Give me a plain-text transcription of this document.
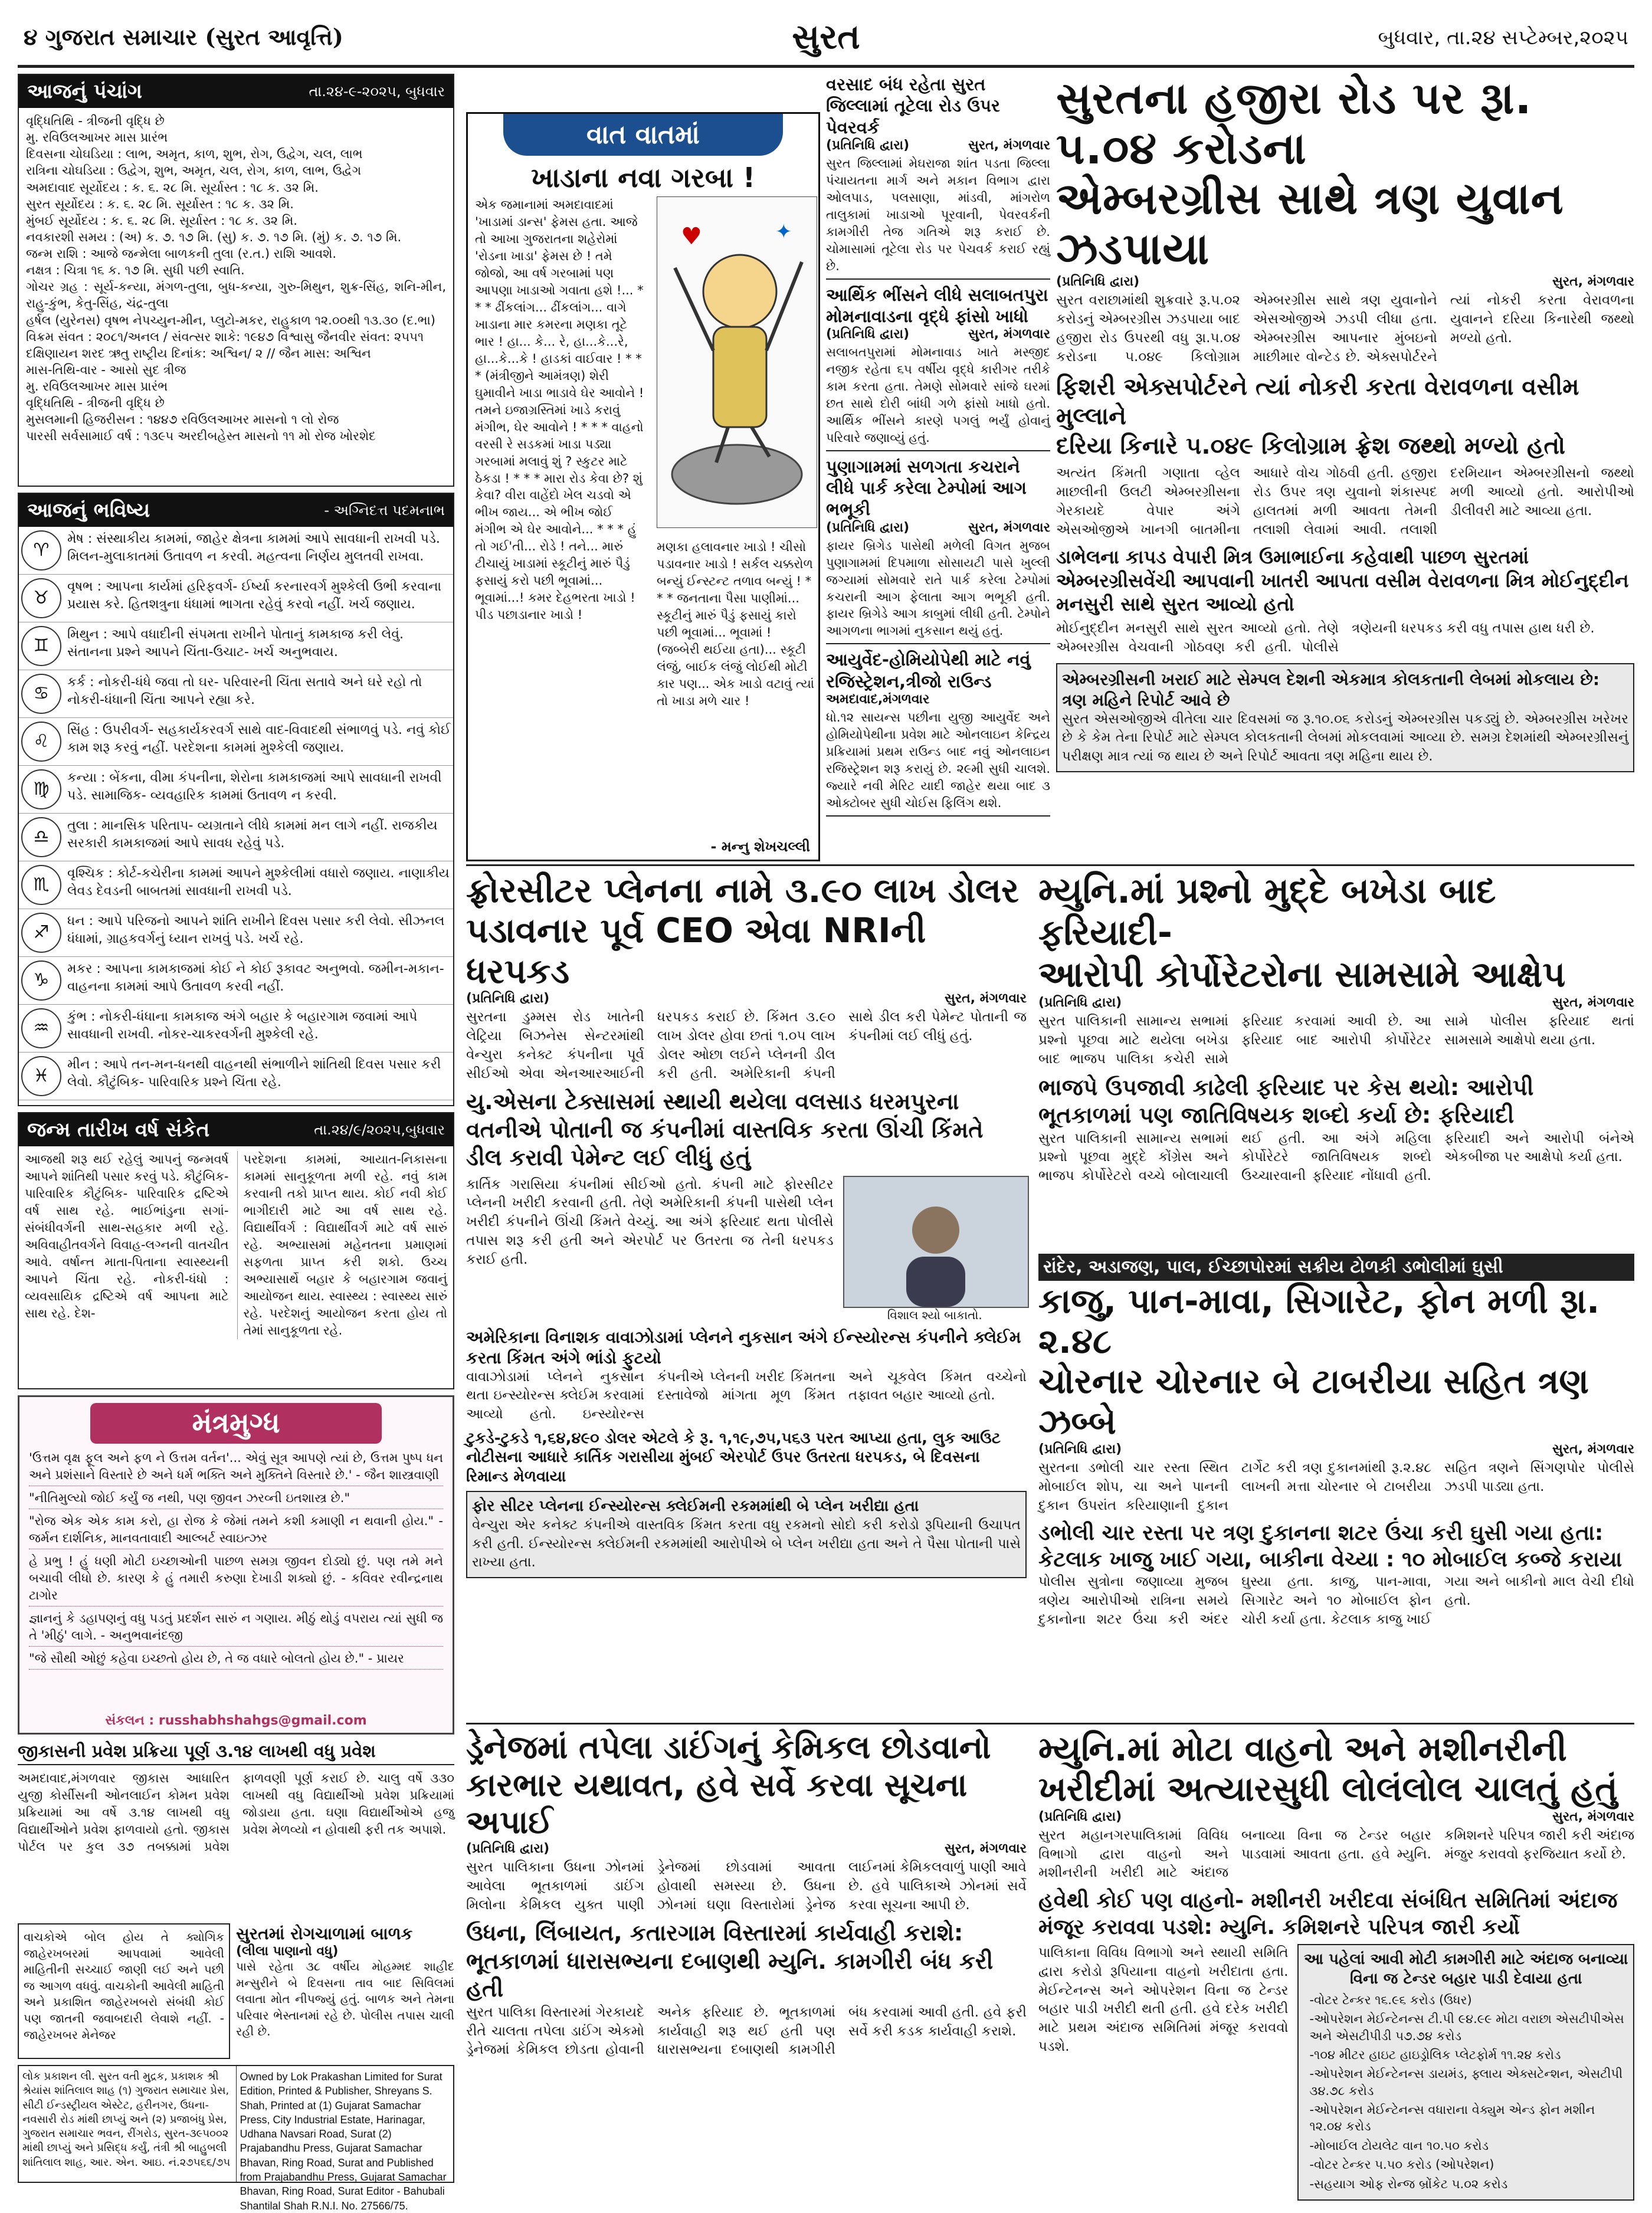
૪ ગુજરાત સમાચાર (સુરત આવૃત્તિ)	સુરત	બુધવાર, તા.૨૪ સપ્ટેમ્બર,૨૦૨૫
આજનું પંચાંગ	તા.૨૪-૯-૨૦૨૫, બુધવાર
વૃદ્ધિતિથિ - ત્રીજની વૃદ્ધિ છે
મુ. રવિઉલઆખર માસ પ્રારંભ
દિવસના ચોઘડિયા : લાભ, અમૃત, કાળ, શુભ, રોગ, ઉદ્વેગ, ચલ, લાભ
રાત્રિના ચોઘડિયા : ઉદ્વેગ, શુભ, અમૃત, ચલ, રોગ, કાળ, લાભ, ઉદ્વેગ
અમદાવાદ સૂર્યોદય : ક. ૬. ૨૮ મિ. સૂર્યાસ્ત : ૧૮ ક. ૩૨ મિ.
સુરત સૂર્યોદય : ક. ૬. ૨૮ મિ. સૂર્યાસ્ત : ૧૮ ક. ૩૨ મિ.
મુંબઈ સૂર્યોદય : ક. ૬. ૨૮ મિ. સૂર્યાસ્ત : ૧૮ ક. ૩૨ મિ.
નવકારશી સમય : (અ) ક. ૭. ૧૭ મિ. (સુ) ક. ૭. ૧૭ મિ. (મું) ક. ૭. ૧૭ મિ.
જન્મ રાશિ : આજે જન્મેલા બાળકની તુલા (ર.ત.) રાશિ આવશે.
નક્ષત્ર : ચિત્રા ૧૬ ક. ૧૭ મિ. સુધી પછી સ્વાતિ.
ગોચર ગ્રહ : સૂર્ય-કન્યા, મંગળ-તુલા, બુધ-કન્યા, ગુરુ-મિથુન, શુક્ર-સિંહ, શનિ-મીન, રાહુ-કુંભ, કેતુ-સિંહ, ચંદ્ર-તુલા
હર્ષલ (યુરેનસ) વૃષભ નેપચ્યુન-મીન, પ્લુટો-મકર, રાહુકાળ ૧૨.૦૦થી ૧૩.૩૦ (દ.ભા)
વિક્રમ સંવત : ૨૦૮૧/અનલ / સંવત્સર શાકે: ૧૯૪૭ વિશ્વાસુ જૈનવીર સંવત: ૨૫૫૧
દક્ષિણાયન શરદ ઋતુ રાષ્ટ્રીય દિનાંક: અશ્વિન/ ૨ // જૈન માસ: અશ્વિન
માસ-તિથિ-વાર - આસો સુદ ત્રીજ
મુ. રવિઉલઆખર માસ પ્રારંભ
વૃદ્ધિતિથિ - ત્રીજની વૃદ્ધિ છે
મુસલમાની હિજરીસન : ૧૪૪૭ રવિઉલઆખર માસનો ૧ લો રોજ
પારસી સર્વસામાઈ વર્ષ : ૧૩૯૫ અરદીબહેસ્ત માસનો ૧૧ મો રોજ ખોરશેદ
આજનું ભવિષ્ય	- અગ્નિદત્ત પદમનાભ
♈
મેષ : સંસ્થાકીય કામમાં, જાહેર ક્ષેત્રના કામમાં આપે સાવધાની રાખવી પડે. મિલન-મુલાકાતમાં ઉતાવળ ન કરવી. મહત્વના નિર્ણય મુલતવી રાખવા.
♉
વૃષભ : આપના કાર્યમાં હરિફવર્ગ- ઈર્ષ્યા કરનારવર્ગ મુશ્કેલી ઉભી કરવાના પ્રયાસ કરે. હિતશત્રુના ધંધામાં ભાગતા રહેવું કરવો નહીં. ખર્ચ જણાય.
♊
મિથુન : આપે વધાદીની સંપમતા રાખીને પોતાનું કામકાજ કરી લેવું. સંતાનના પ્રશ્ને આપને ચિંતા-ઉચાટ- ખર્ચ અનુભવાય.
♋
કર્ક : નોકરી-ધંધે જવા તો ઘર- પરિવારની ચિંતા સતાવે અને ઘરે રહો તો નોકરી-ધંધાની ચિંતા આપને રહ્યા કરે.
♌
સિંહ : ઉપરીવર્ગ- સહકાર્યકરવર્ગ સાથે વાદ-વિવાદથી સંભાળવું પડે. નવું કોઈ કામ શરૂ કરવું નહીં. પરદેશના કામમાં મુશ્કેલી જણાય.
♍
કન્યા : બેંકના, વીમા કંપનીના, શેરોના કામકાજમાં આપે સાવધાની રાખવી પડે. સામાજિક- વ્યવહારિક કામમાં ઉતાવળ ન કરવી.
♎
તુલા : માનસિક પરિતાપ- વ્યગ્રતાને લીધે કામમાં મન લાગે નહીં. રાજકીય સરકારી કામકાજમાં આપે સાવધ રહેવું પડે.
♏
વૃશ્ચિક : કોર્ટ-કચેરીના કામમાં આપને મુશ્કેલીમાં વધારો જણાય. નાણાકીય લેવડ દેવડની બાબતમાં સાવધાની રાખવી પડે.
♐
ધન : આપે પરિજનો આપને શાંતિ રાખીને દિવસ પસાર કરી લેવો. સીઝનલ ધંધામાં, ગ્રાહકવર્ગનું ધ્યાન રાખવું પડે. ખર્ચ રહે.
♑
મકર : આપના કામકાજમાં કોઈ ને કોઈ રૂકાવટ અનુભવો. જમીન-મકાન- વાહનના કામમાં આપે ઉતાવળ કરવી નહીં.
♒
કુંભ : નોકરી-ધંધાના કામકાજ અંગે બહાર કે બહારગામ જવામાં આપે સાવધાની રાખવી. નોકર-ચાકરવર્ગની મુશ્કેલી રહે.
♓
મીન : આપે તન-મન-ધનથી વાહનથી સંભાળીને શાંતિથી દિવસ પસાર કરી લેવો. કૌટુંબિક- પારિવારિક પ્રશ્ને ચિંતા રહે.
જન્મ તારીખ વર્ષ સંકેત	તા.૨૪/૯/૨૦૨૫,બુધવાર
આજથી શરૂ થઈ રહેલું આપનું જન્મવર્ષ આપને શાંતિથી પસાર કરવું પડે. કૌટુંબિક-પારિવારિક કૌટુંબિક- પારિવારિક દ્રષ્ટિએ વર્ષ સાથ રહે. ભાઈભાંડુના સગાં-સંબંધીવર્ગની સાથ-સહકાર મળી રહે. અવિવાહીતવર્ગને વિવાહ-લગ્નની વાતચીત આવે. વર્ષાન્ત માતા-પિતાના સ્વાસ્થ્યની આપને ચિંતા રહે. નોકરી-ધંધો : વ્યવસાયિક દ્રષ્ટિએ વર્ષ આપના માટે સાથ રહે. દેશ-
પરદેશના કામમાં, આયાત-નિકાસના કામમાં સાનુકૂળતા મળી રહે. નવું કામ કરવાની તકો પ્રાપ્ત થાય. કોઈ નવી કોઈ ભાગીદારી માટે આ વર્ષ સાથ રહે. વિદ્યાર્થીવર્ગ : વિદ્યાર્થીવર્ગ માટે વર્ષ સારું રહે. અભ્યાસમાં મહેનતના પ્રમાણમાં સફળતા પ્રાપ્ત કરી શકો. ઉચ્ચ અભ્યાસાર્થે બહાર કે બહારગામ જવાનું આયોજન થાય. સ્વાસ્થ્ય : સ્વાસ્થ્ય સારું રહે. પરદેશનું આયોજન કરતા હોય તો તેમાં સાનુકૂળતા રહે.
મંત્રમુગ્ધ

'ઉત્તમ વૃક્ષ ફૂલ અને ફળ ને ઉત્તમ વર્તન'... એવું સૂત્ર આપણે ત્યાં છે, ઉત્તમ પુષ્પ ધન અને પ્રશંસાને વિસ્તારે છે અને ધર્મ ભક્તિ અને મુક્તિને વિસ્તારે છે.' - જૈન શાસ્ત્રવાણી

"નીતિમુલ્યો જોઈ કર્યું જ નથી, પણ જીવન ઝરવ્ની ઇતશાસ્ત્ર છે."

"રોજ એક એક કામ કરો, હા રોજ કે જેમાં તમને કશી કમાણી ન થવાની હોય." - જર્મન દાર્શનિક, માનવતાવાદી આલ્બર્ટ સ્વાઇત્ઝર

હે પ્રભુ ! હું ધણી મોટી ઇચ્છાઓની પાછળ સમગ્ર જીવન દોડ્યો છું. પણ તમે મને બચાવી લીધો છે. કારણ કે હું તમારી કરુણા દેખાડી શક્યો છું. - કવિવર રવીન્દ્રનાથ ટાગોર

જ્ઞાનનું કે ડહાપણનું વધુ પડતું પ્રદર્શન સારું ન ગણાય. મીઠું થોડું વપરાય ત્યાં સુધી જ તે 'મીઠું' લાગે. - અનુભવાનંદજી

"જે સૌથી ઓછું કહેવા ઇચ્છતો હોય છે, તે જ વધારે બોલતો હોય છે." - પ્રાયર

સંકલન : russhabhshahgs@gmail.com
જીકાસની પ્રવેશ પ્રક્રિયા પૂર્ણ ૩.૧૪ લાખથી વધુ પ્રવેશ
અમદાવાદ,મંગળવાર જીકાસ આધારિત યુજી કોર્સીસની ઓનલાઈન કોમન પ્રવેશ પ્રક્રિયામાં આ વર્ષે ૩.૧૪ લાખથી વધુ વિદ્યાર્થીઓને પ્રવેશ ફાળવાયો હતો. જીકાસ પોર્ટલ પર કુલ ૩૭ તબક્કામાં પ્રવેશ ફાળવણી પૂર્ણ કરાઈ છે. ચાલુ વર્ષે ૩૩૦ લાખથી વધુ વિદ્યાર્થીઓ પ્રવેશ પ્રક્રિયામાં જોડાયા હતા. ઘણા વિદ્યાર્થીઓએ હજુ પ્રવેશ મેળવ્યો ન હોવાથી ફરી તક અપાશે.
વાચકોએ બોલ હોય તે ક્યોગિક જાહેરખબરમાં આપવામાં આવેલી માહિતીની સચ્ચાઈ જાણી લઈ અને પછી જ આગળ વધવું. વાચકોની આવેલી માહિતી અને પ્રકાશિત જાહેરખબરો સંબંધી કોઈ પણ જાતની જવાબદારી લેવાશે નહીં. - જાહેરખબર મેનેજર
સુરતમાં રોગચાળામાં બાળક
(લીલા પાણાનો વધુ)
પાસે રહેતા ૩૮ વર્ષીય મોહમ્મદ શાહીદ મન્સુરીને બે દિવસના તાવ બાદ સિવિલમાં લવાતા મોત નીપજ્યું હતું. બાળક અને તેમના પરિવાર ભેસ્તાનમાં રહે છે. પોલીસ તપાસ ચાલી રહી છે.
લોક પ્રકાશન લી. સુરત વતી મુદ્રક, પ્રકાશક શ્રી શ્રેયાંસ શાંતિલાલ શાહ (૧) ગુજરાત સમાચાર પ્રેસ, સીટી ઈન્ડસ્ટ્રીયલ એસ્ટેટ, હરીનગર, ઉધના-નવસારી રોડ માંથી છાપ્યું અને (૨) પ્રજાબંધુ પ્રેસ, ગુજરાત સમાચાર ભવન, રીંગરોડ, સુરત-૩૯૫૦૦૨ માંથી છાપ્યું અને પ્રસિદ્ધ કર્યું, તંત્રી શ્રી બાહુબલી શાંતિલાલ શાહ, આર. એન. આઇ. નં.૨૭૫૬૬/૭૫
Owned by Lok Prakashan Limited for Surat Edition, Printed & Publisher, Shreyans S. Shah, Printed at (1) Gujarat Samachar Press, City Industrial Estate, Harinagar, Udhana Navsari Road, Surat (2) Prajabandhu Press, Gujarat Samachar Bhavan, Ring Road, Surat and Published from Prajabandhu Press, Gujarat Samachar Bhavan, Ring Road, Surat Editor - Bahubali Shantilal Shah R.N.I. No. 27566/75.
વાત વાતમાં
ખાડાના નવા ગરબા !
એક જમાનામાં અમદાવાદમાં 'ખાડામાં ડાન્સ' ફેમસ હતા. આજે તો આખા ગુજરાતના શહેરોમાં 'રોડના ખાડા' ફેમસ છે ! તમે જોજો, આ વર્ષ ગરબામાં પણ આપણા ખાડાઓ ગવાતા હશે !... * * * ઢીંકલાંગ... ઢીંકલાંગ... વાગે ખાડાના માર કમરના મણકા તૂટે ભાર ! હા... કે... રે, હા...કે...રે, હા...કે...કે ! હાડકાં વાઈવાર ! * * * (મંત્રીજીને આમંત્રણ) શેરી ઘુમાવીને ખાડા ભાડાવે ઘેર આવોને ! તમને ઇજાગ્રસ્તિમાં ખાડે કરાવું મંગીભ, ઘેર આવોને ! * * * વાહનો વરસી રે સડકમાં ખાડા પડ્યા ગરબામાં મલાવું શું ? સ્કુટર માટે ઠેકડા ! * * * મારા રોડ કેવા છે? શું કેવા? વીરા વાહેંદો ખેલ ચડવો એ ભીખ જાય... એ ભીખ જોઈ મંગીભ એ ઘેર આવોને... * * * હું તો ગઈ'તી... રોડે ! તને... મારું ટીચાયું ખાડામાં સ્કૂટીનું મારું પૈડું ફસાયું કરો પછી ભૂવામાં... ભૂવામાં...! કમર દેહભરતા ખાડો ! પીડ પછાડાનાર ખાડો !
♥	✦
મણકા હલાવનાર ખાડો ! ચીસો પડાવનાર ખાડો ! સર્કલ ચક્કરોળ બન્યું ઈન્સ્ટન્ટ તળાવ બન્યું ! * * * જનતાના પૈસા પાણીમાં... સ્કૂટીનું મારું પૈડું ફસાયું કારો પછી ભૂવામાં... ભૂવામાં ! (જબ્બેરી થઈયા હતા)... સ્કૂટી લંજું, બાઈક લંજું લોઈથી મોટી કાર પણ... એક ખાડો વટાવું ત્યાં તો ખાડા મળે ચાર !
- મન્નુ શેખચલ્લી
વરસાદ બંધ રહેતા સુરત જિલ્લામાં તૂટેલા રોડ ઉપર પેવરવર્ક
(પ્રતિનિધિ દ્વારા)	સુરત, મંગળવાર
સુરત જિલ્લામાં મેઘરાજા શાંત પડતા જિલ્લા પંચાયતના માર્ગ અને મકાન વિભાગ દ્વારા ઓલપાડ, પલસાણા, માંડવી, માંગરોળ તાલુકામાં ખાડાઓ પૂરવાની, પેવરવર્કની કામગીરી તેજ ગતિએ શરૂ કરાઈ છે. ચોમાસામાં તૂટેલા રોડ પર પેચવર્ક કરાઈ રહ્યું છે.
આર્થિક ભીંસને લીધે સલાબતપુરા મોમનાવાડના વૃદ્ધે ફાંસો ખાધો
(પ્રતિનિધિ દ્વારા)	સુરત, મંગળવાર
સલાબતપુરામાં મોમનાવાડ ખાતે મસ્જીદ નજીક રહેતા ૬૫ વર્ષીય વૃદ્ધે કારીગર તરીકે કામ કરતા હતા. તેમણે સોમવારે સાંજે ઘરમાં છત સાથે દોરી બાંધી ગળે ફાંસો ખાધો હતો. આર્થિક ભીંસને કારણે પગલું ભર્યું હોવાનું પરિવારે જણાવ્યું હતું.
પુણાગામમાં સળગતા કચરાને લીધે પાર્ક કરેલા ટેમ્પોમાં આગ ભભૂકી
(પ્રતિનિધિ દ્વારા)	સુરત, મંગળવાર
ફાયર બ્રિગેડ પાસેથી મળેલી વિગત મુજબ પુણાગામમાં દિપમાળા સોસાયટી પાસે ખુલ્લી જગ્યામાં સોમવારે રાતે પાર્ક કરેલા ટેમ્પોમાં કચરાની આગ ફેલાતા આગ ભભૂકી હતી. ફાયર બ્રિગેડે આગ કાબુમાં લીધી હતી. ટેમ્પોને આગળના ભાગમાં નુકસાન થયું હતું.
આયુર્વેદ-હોમિયોપેથી માટે નવું રજિસ્ટ્રેશન,ત્રીજો રાઉન્ડ
અમદાવાદ,મંગળવાર
ધો.૧૨ સાયન્સ પછીના યુજી આયુર્વેદ અને હોમિયોપેથીના પ્રવેશ માટે ઓનલાઇન કેન્દ્રિય પ્રક્રિયામાં પ્રથમ રાઉન્ડ બાદ નવું ઓનલાઇન રજિસ્ટ્રેશન શરૂ કરાયું છે. ૨૯મી સુધી ચાલશે. જ્યારે નવી મેરિટ યાદી જાહેર થયા બાદ ૩ ઓક્ટોબર સુધી ચોઈસ ફિલિંગ થશે.
સુરતના હજીરા રોડ પર રૂા. ૫.૦૪ કરોડના
એમ્બરગ્રીસ સાથે ત્રણ યુવાન ઝડપાયા
(પ્રતિનિધિ દ્વારા)	સુરત, મંગળવાર
સુરત વરાછામાંથી શુક્રવારે રૂ.૫.૦૨ કરોડનું એમ્બરગ્રીસ ઝડપાયા બાદ હજીરા રોડ ઉપરથી વધુ રૂા.૫.૦૪ કરોડના ૫.૦૪૯ કિલોગ્રામ એમ્બરગ્રીસ સાથે ત્રણ યુવાનોને એસઓજીએ ઝડપી લીધા હતા. એમ્બરગ્રીસ આપનાર મુંબઇનો માછીમાર વોન્ટેડ છે. એક્સપોર્ટરને ત્યાં નોકરી કરતા વેરાવળના યુવાનને દરિયા કિનારેથી જથ્થો મળ્યો હતો.
ફિશરી એક્સપોર્ટરને ત્યાં નોકરી કરતા વેરાવળના વસીમ મુલ્લાને
દરિયા કિનારે ૫.૦૪૯ કિલોગ્રામ ફ્રેશ જથ્થો મળ્યો હતો
અત્યંત કિંમતી ગણાતા વ્હેલ માછલીની ઉલટી એમ્બરગ્રીસના ગેરકાયદે વેપાર અંગે એસઓજીએ ખાનગી બાતમીના આધારે વોચ ગોઠવી હતી. હજીરા રોડ ઉપર ત્રણ યુવાનો શંકાસ્પદ હાલતમાં મળી આવતા તેમની તલાશી લેવામાં આવી. તલાશી દરમિયાન એમ્બરગ્રીસનો જથ્થો મળી આવ્યો હતો. આરોપીઓ ડીલીવરી માટે આવ્યા હતા.
ડાભેલના કાપડ વેપારી મિત્ર ઉમાભાઈના કહેવાથી પાછળ સુરતમાં એમ્બરગ્રીસવેંચી આપવાની ખાતરી આપતા વસીમ વેરાવળના મિત્ર મોઈનુદ્દીન મનસુરી સાથે સુરત આવ્યો હતો
મોઈનુદ્દીન મનસુરી સાથે સુરત આવ્યો હતો. તેણે એમ્બરગ્રીસ વેચવાની ગોઠવણ કરી હતી. પોલીસે ત્રણેયની ધરપકડ કરી વધુ તપાસ હાથ ધરી છે.
એમ્બરગ્રીસની ખરાઈ માટે સેમ્પલ દેશની એકમાત્ર કોલકતાની લેબમાં મોકલાય છે: ત્રણ મહિને રિપોર્ટ આવે છે
સુરત એસઓજીએ વીતેલા ચાર દિવસમાં જ રૂ.૧૦.૦૬ કરોડનું એમ્બરગ્રીસ પકડ્યું છે. એમ્બરગ્રીસ ખરેખર છે કે કેમ તેના રિપોર્ટ માટે સેમ્પલ કોલકતાની લેબમાં મોકલવામાં આવ્યા છે. સમગ્ર દેશમાંથી એમ્બરગ્રીસનું પરીક્ષણ માત્ર ત્યાં જ થાય છે અને રિપોર્ટ આવતા ત્રણ મહિના થાય છે.
ફ્રોરસીટર પ્લેનના નામે ૩.૯૦ લાખ ડોલર
પડાવનાર પૂર્વ CEO એવા NRIની ધરપકડ
(પ્રતિનિધિ દ્વારા)	સુરત, મંગળવાર
સુરતના ડુમ્મસ રોડ ખાતેની લેટ્રિયા બિઝનેસ સેન્ટરમાંથી વેન્ચુરા કનેક્ટ કંપનીના પૂર્વ સીઈઓ એવા એનઆરઆઈની ધરપકડ કરાઈ છે. કિંમત ૩.૯૦ લાખ ડોલર હોવા છતાં ૧.૦૫ લાખ ડોલર ઓછા લઈને પ્લેનની ડીલ કરી હતી. અમેરિકાની કંપની સાથે ડીલ કરી પેમેન્ટ પોતાની જ કંપનીમાં લઈ લીધું હતું.
યુ.એસના ટેક્સાસમાં સ્થાયી થયેલા વલસાડ ધરમપુરના વતનીએ પોતાની જ કંપનીમાં વાસ્તવિક કરતા ઊંચી કિંમતે ડીલ કરાવી પેમેન્ટ લઈ લીધું હતું
કાર્તિક ગરાસિયા કંપનીમાં સીઈઓ હતો. કંપની માટે ફોરસીટર પ્લેનની ખરીદી કરવાની હતી. તેણે અમેરિકાની કંપની પાસેથી પ્લેન ખરીદી કંપનીને ઊંચી કિંમતે વેચ્યું. આ અંગે ફરિયાદ થતા પોલીસે તપાસ શરૂ કરી હતી અને એરપોર્ટ પર ઉતરતા જ તેની ધરપકડ કરાઈ હતી.
વિશાલ શ્યો બાકાતો.
અમેરિકાના વિનાશક વાવાઝોડામાં પ્લેનને નુકસાન અંગે ઈન્સ્યોરન્સ કંપનીને ક્લેઈમ કરતા કિંમત અંગે ભાંડો ફુટયો
વાવાઝોડામાં પ્લેનને નુકસાન થતા ઇન્સ્યોરન્સ ક્લેઈમ કરવામાં આવ્યો હતો. ઇન્સ્યોરન્સ કંપનીએ પ્લેનની ખરીદ કિંમતના દસ્તાવેજો માંગતા મૂળ કિંમત અને ચૂકવેલ કિંમત વચ્ચેનો તફાવત બહાર આવ્યો હતો.
ટુકડે-ટુકડે ૧,૬૪,૪૯૦ ડોલર એટલે કે રૂ. ૧,૧૯,૭૫,૫૬૩ પરત આપ્યા હતા, લુક આઉટ નોટીસના આધારે કાર્તિક ગરાસીયા મુંબઈ એરપોર્ટ ઉપર ઉતરતા ધરપકડ, બે દિવસના રિમાન્ડ મેળવાયા
ફોર સીટર પ્લેનના ઈન્સ્યોરન્સ ક્લેઈમની રકમમાંથી બે પ્લેન ખરીદ્યા હતા
વેન્ચુરા એર કનેક્ટ કંપનીએ વાસ્તવિક કિંમત કરતા વધુ રકમનો સોદો કરી કરોડો રૂપિયાની ઉચાપત કરી હતી. ઈન્સ્યોરન્સ ક્લેઈમની રકમમાંથી આરોપીએ બે પ્લેન ખરીદ્યા હતા અને તે પૈસા પોતાની પાસે રાખ્યા હતા.
મ્યુનિ.માં પ્રશ્નો મુદ્દે બખેડા બાદ ફરિયાદી-
આરોપી કોર્પોરેટરોના સામસામે આક્ષેપ
(પ્રતિનિધિ દ્વારા)	સુરત, મંગળવાર
સુરત પાલિકાની સામાન્ય સભામાં પ્રશ્નો પૂછવા માટે થયેલા બખેડા બાદ ભાજપ પાલિકા કચેરી સામે ફરિયાદ કરવામાં આવી છે. આ ફરિયાદ બાદ આરોપી કોર્પોરેટર સામે પોલીસ ફરિયાદ થતાં સામસામે આક્ષેપો થયા હતા.
ભાજપે ઉપજાવી કાઢેલી ફરિયાદ પર કેસ થયો: આરોપી ભૂતકાળમાં પણ જાતિવિષયક શબ્દો કર્યા છે: ફરિયાદી
સુરત પાલિકાની સામાન્ય સભામાં પ્રશ્નો પૂછવા મુદ્દે કોંગ્રેસ અને ભાજપ કોર્પોરેટરો વચ્ચે બોલાચાલી થઈ હતી. આ અંગે મહિલા કોર્પોરેટરે જાતિવિષયક શબ્દો ઉચ્ચારવાની ફરિયાદ નોંધાવી હતી. ફરિયાદી અને આરોપી બંનેએ એકબીજા પર આક્ષેપો કર્યા હતા.
રાંદેર, અડાજણ, પાલ, ઈચ્છાપોરમાં સક્રીય ટોળકી ડભોલીમાં ઘુસી
કાજુ, પાન-માવા, સિગારેટ, ફોન મળી રૂા. ૨.૪૮
ચોરનાર ચોરનાર બે ટાબરીયા સહિત ત્રણ ઝબ્બે
(પ્રતિનિધિ દ્વારા)	સુરત, મંગળવાર
સુરતના ડભોલી ચાર રસ્તા સ્થિત મોબાઈલ શોપ, ચા અને પાનની દુકાન ઉપરાંત કરિયાણાની દુકાન ટાર્ગેટ કરી ત્રણ દુકાનમાંથી રૂ.૨.૪૮ લાખની મત્તા ચોરનાર બે ટાબરીયા સહિત ત્રણને સિંગણપોર પોલીસે ઝડપી પાડ્યા હતા.
ડભોલી ચાર રસ્તા પર ત્રણ દુકાનના શટર ઉંચા કરી ઘુસી ગયા હતા: કેટલાક ખાજુ ખાઈ ગયા, બાકીના વેચ્યા : ૧૦ મોબાઈલ કબ્જે કરાયા
પોલીસ સુત્રોના જણાવ્યા મુજબ ત્રણેય આરોપીઓ રાત્રિના સમયે દુકાનોના શટર ઉંચા કરી અંદર ઘુસ્યા હતા. કાજુ, પાન-માવા, સિગારેટ અને ૧૦ મોબાઈલ ફોન ચોરી કર્યા હતા. કેટલાક કાજુ ખાઈ ગયા અને બાકીનો માલ વેચી દીધો હતો.
ડ્રેનેજમાં તપેલા ડાઈંગનું કેમિકલ છોડવાનો
કારભાર યથાવત, હવે સર્વે કરવા સૂચના અપાઈ
(પ્રતિનિધિ દ્વારા)	સુરત, મંગળવાર
સુરત પાલિકાના ઉધના ઝોનમાં આવેલા ભૂતકાળમાં ડાઈંગ મિલોના કેમિકલ યુક્ત પાણી ડ્રેનેજમાં છોડવામાં આવતા હોવાથી સમસ્યા છે. ઉધના ઝોનમાં ઘણા વિસ્તારોમાં ડ્રેનેજ લાઈનમાં કેમિકલવાળું પાણી આવે છે. હવે પાલિકાએ ઝોનમાં સર્વે કરવા સૂચના આપી છે.
ઉધના, લિંબાયત, કતારગામ વિસ્તારમાં કાર્યવાહી કરાશે: ભૂતકાળમાં ધારાસભ્યના દબાણથી મ્યુનિ. કામગીરી બંધ કરી હતી
સુરત પાલિકા વિસ્તારમાં ગેરકાયદે રીતે ચાલતા તપેલા ડાઈંગ એકમો ડ્રેનેજમાં કેમિકલ છોડતા હોવાની અનેક ફરિયાદ છે. ભૂતકાળમાં કાર્યવાહી શરૂ થઈ હતી પણ ધારાસભ્યના દબાણથી કામગીરી બંધ કરવામાં આવી હતી. હવે ફરી સર્વે કરી કડક કાર્યવાહી કરાશે.
મ્યુનિ.માં મોટા વાહનો અને મશીનરીની
ખરીદીમાં અત્યારસુધી લોલંલોલ ચાલતું હતું
(પ્રતિનિધિ દ્વારા)	સુરત, મંગળવાર
સુરત મહાનગરપાલિકામાં વિવિધ વિભાગો દ્વારા વાહનો અને મશીનરીની ખરીદી માટે અંદાજ બનાવ્યા વિના જ ટેન્ડર બહાર પાડવામાં આવતા હતા. હવે મ્યુનિ. કમિશનરે પરિપત્ર જારી કરી અંદાજ મંજુર કરાવવો ફરજિયાત કર્યો છે.
હવેથી કોઈ પણ વાહનો- મશીનરી ખરીદવા સંબંધિત સમિતિમાં અંદાજ મંજૂર કરાવવા પડશે: મ્યુનિ. કમિશનરે પરિપત્ર જારી કર્યો
પાલિકાના વિવિધ વિભાગો અને સ્થાયી સમિતિ દ્વારા કરોડો રૂપિયાના વાહનો ખરીદાતા હતા. મેઈન્ટેનન્સ અને ઓપરેશન વિના જ ટેન્ડર બહાર પાડી ખરીદી થતી હતી. હવે દરેક ખરીદી માટે પ્રથમ અંદાજ સમિતિમાં મંજૂર કરાવવો પડશે.
આ પહેલાં આવી મોટી કામગીરી માટે અંદાજ બનાવ્યા વિના જ ટેન્ડર બહાર પાડી દેવાયા હતા
-વોટર ટેન્કર ૧૬.૯૬ કરોડ (ઉધર)
-ઓપરેશન મેઈન્ટેનન્સ ટી.પી ૯૪.૯૯ મોટા વરાછા એસટીપીએસ અને એસટીપીડી ૫૭.૭૪ કરોડ
-૧૦૪ મીટર હાઇટ હાઇડ્રોલિક પ્લેટફોર્મ ૧૧.૨૪ કરોડ
-ઓપરેશન મેઈન્ટેનન્સ ડાયમંડ, ફ્લાય એક્સટેન્શન, એસટીપી ૩૪.૭૮ કરોડ
-ઓપરેશન મેઈન્ટેનન્સ વધારાના વેક્યુમ એન્ડ ફોન મશીન ૧૨.૦૪ કરોડ
-મોબાઈલ ટોયલેટ વાન ૧૦.૫૦ કરોડ
-વોટર ટેન્કર ૫.૫૦ કરોડ (ઓપરેશન)
-સહયાગ ઓફ રોન્જ બ્રોંકેટ ૫.૦૨ કરોડ
